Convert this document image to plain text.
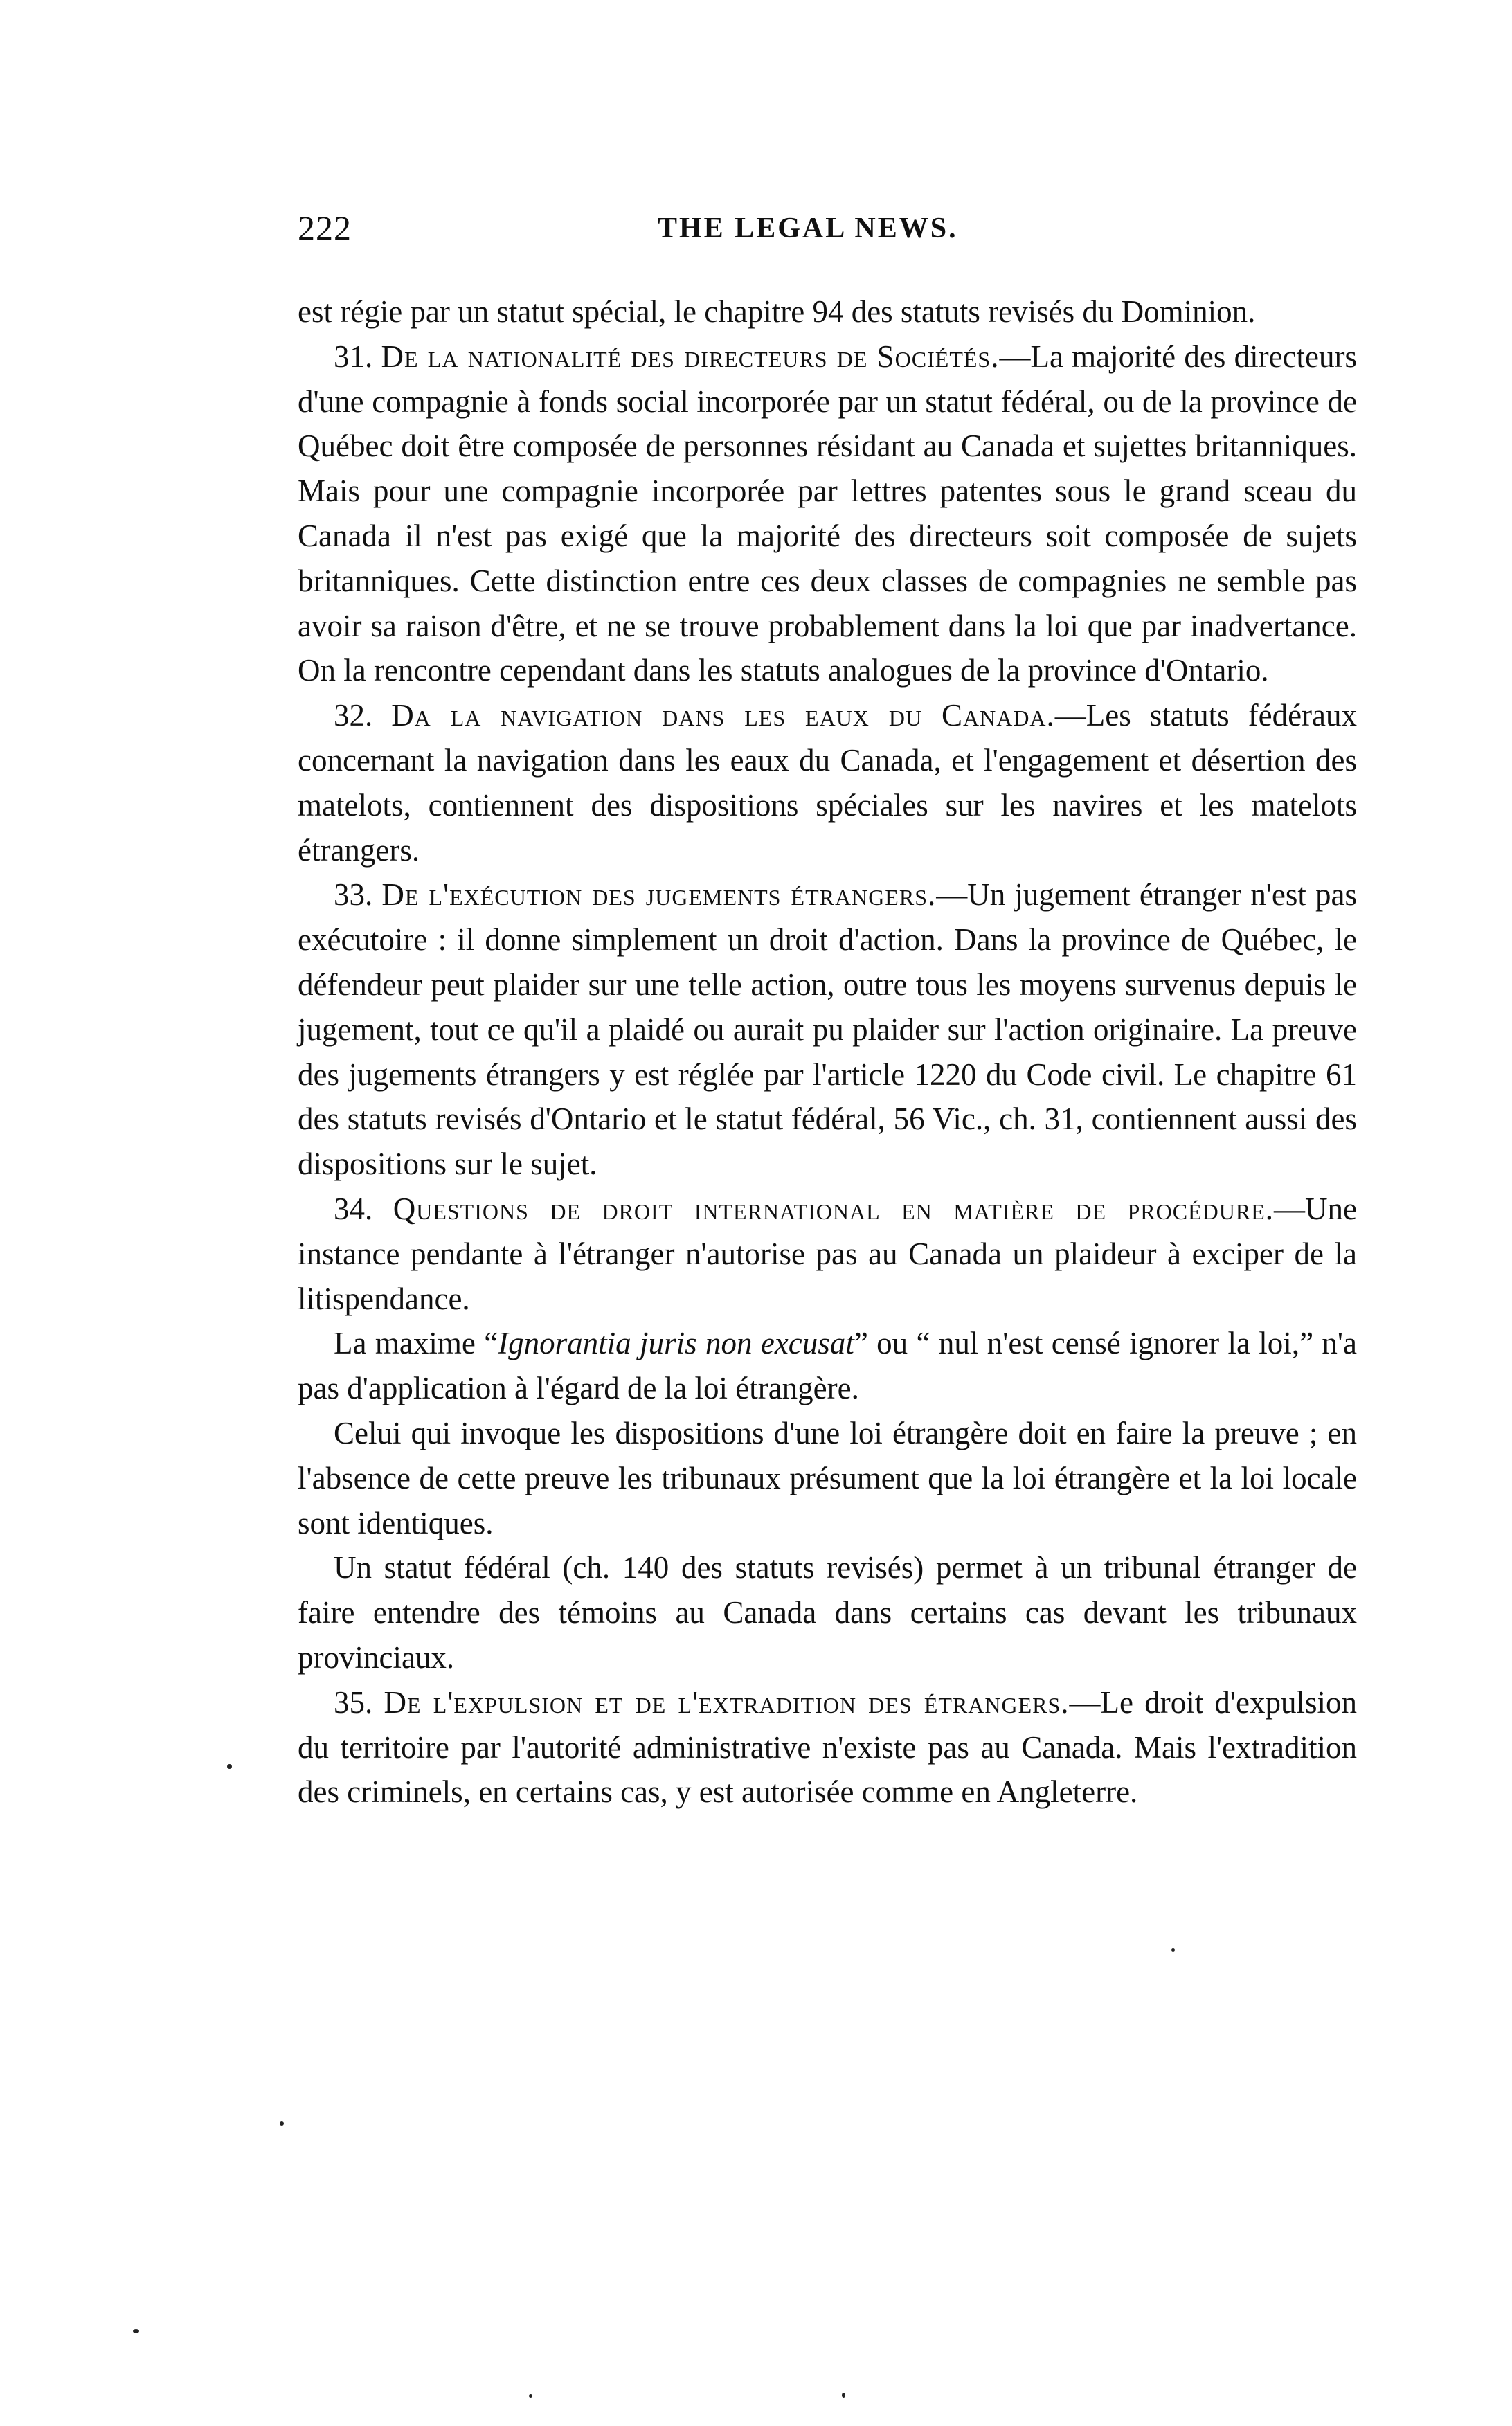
222	THE LEGAL NEWS.

est régie par un statut spécial, le chapitre 94 des statuts revisés du Dominion.

31. De la nationalité des directeurs de Sociétés.—La majorité des directeurs d'une compagnie à fonds social incorporée par un statut fédéral, ou de la province de Québec doit être composée de personnes résidant au Canada et sujettes britanniques. Mais pour une compagnie incorporée par lettres patentes sous le grand sceau du Canada il n'est pas exigé que la majorité des directeurs soit composée de sujets britanniques. Cette distinction entre ces deux classes de compagnies ne semble pas avoir sa raison d'être, et ne se trouve probablement dans la loi que par inadvertance. On la rencontre cependant dans les statuts analogues de la province d'Ontario.

32. Da la navigation dans les eaux du Canada.—Les statuts fédéraux concernant la navigation dans les eaux du Canada, et l'engagement et désertion des matelots, contiennent des dispositions spéciales sur les navires et les matelots étrangers.

33. De l'exécution des jugements étrangers.—Un jugement étranger n'est pas exécutoire : il donne simplement un droit d'action. Dans la province de Québec, le défendeur peut plaider sur une telle action, outre tous les moyens survenus depuis le jugement, tout ce qu'il a plaidé ou aurait pu plaider sur l'action originaire. La preuve des jugements étrangers y est réglée par l'article 1220 du Code civil. Le chapitre 61 des statuts revisés d'Ontario et le statut fédéral, 56 Vic., ch. 31, contiennent aussi des dispositions sur le sujet.

34. Questions de droit international en matière de procédure.—Une instance pendante à l'étranger n'autorise pas au Canada un plaideur à exciper de la litispendance.

La maxime “Ignorantia juris non excusat” ou “ nul n'est censé ignorer la loi,” n'a pas d'application à l'égard de la loi étrangère.

Celui qui invoque les dispositions d'une loi étrangère doit en faire la preuve ; en l'absence de cette preuve les tribunaux présument que la loi étrangère et la loi locale sont identiques.

Un statut fédéral (ch. 140 des statuts revisés) permet à un tribunal étranger de faire entendre des témoins au Canada dans certains cas devant les tribunaux provinciaux.

35. De l'expulsion et de l'extradition des étrangers.—Le droit d'expulsion du territoire par l'autorité administrative n'existe pas au Canada. Mais l'extradition des criminels, en certains cas, y est autorisée comme en Angleterre.
